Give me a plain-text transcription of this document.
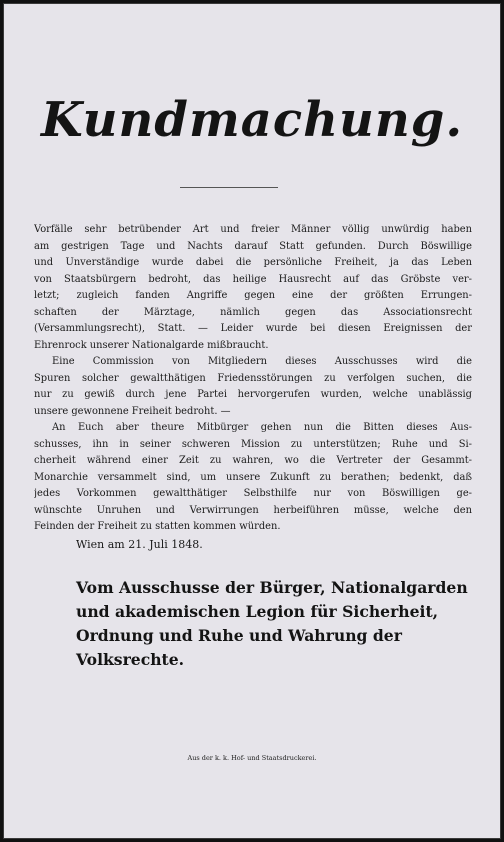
Kundmachung.
Vorfälle sehr betrübender Art und freier Männer völlig unwürdig haben
am gestrigen Tage und Nachts darauf Statt gefunden. Durch Böswillige
und Unverständige wurde dabei die persönliche Freiheit, ja das Leben
von Staatsbürgern bedroht, das heilige Hausrecht auf das Gröbste ver-
letzt; zugleich fanden Angriffe gegen eine der größten Errungen-
schaften der Märztage, nämlich gegen das Associationsrecht
(Versammlungsrecht), Statt. — Leider wurde bei diesen Ereignissen der
Ehrenrock unserer Nationalgarde mißbraucht.
Eine Commission von Mitgliedern dieses Ausschusses wird die
Spuren solcher gewaltthätigen Friedensstörungen zu verfolgen suchen, die
nur zu gewiß durch jene Partei hervorgerufen wurden, welche unablässig
unsere gewonnene Freiheit bedroht. —
An Euch aber theure Mitbürger gehen nun die Bitten dieses Aus-
schusses, ihn in seiner schweren Mission zu unterstützen; Ruhe und Si-
cherheit während einer Zeit zu wahren, wo die Vertreter der Gesammt-
Monarchie versammelt sind, um unsere Zukunft zu berathen; bedenkt, daß
jedes Vorkommen gewaltthätiger Selbsthilfe nur von Böswilligen ge-
wünschte Unruhen und Verwirrungen herbeiführen müsse, welche den
Feinden der Freiheit zu statten kommen würden.
Wien am 21. Juli 1848.
Vom Ausschusse der Bürger, Nationalgarden
und akademischen Legion für Sicherheit,
Ordnung und Ruhe und Wahrung der
Volksrechte.
Aus der k. k. Hof- und Staatsdruckerei.
